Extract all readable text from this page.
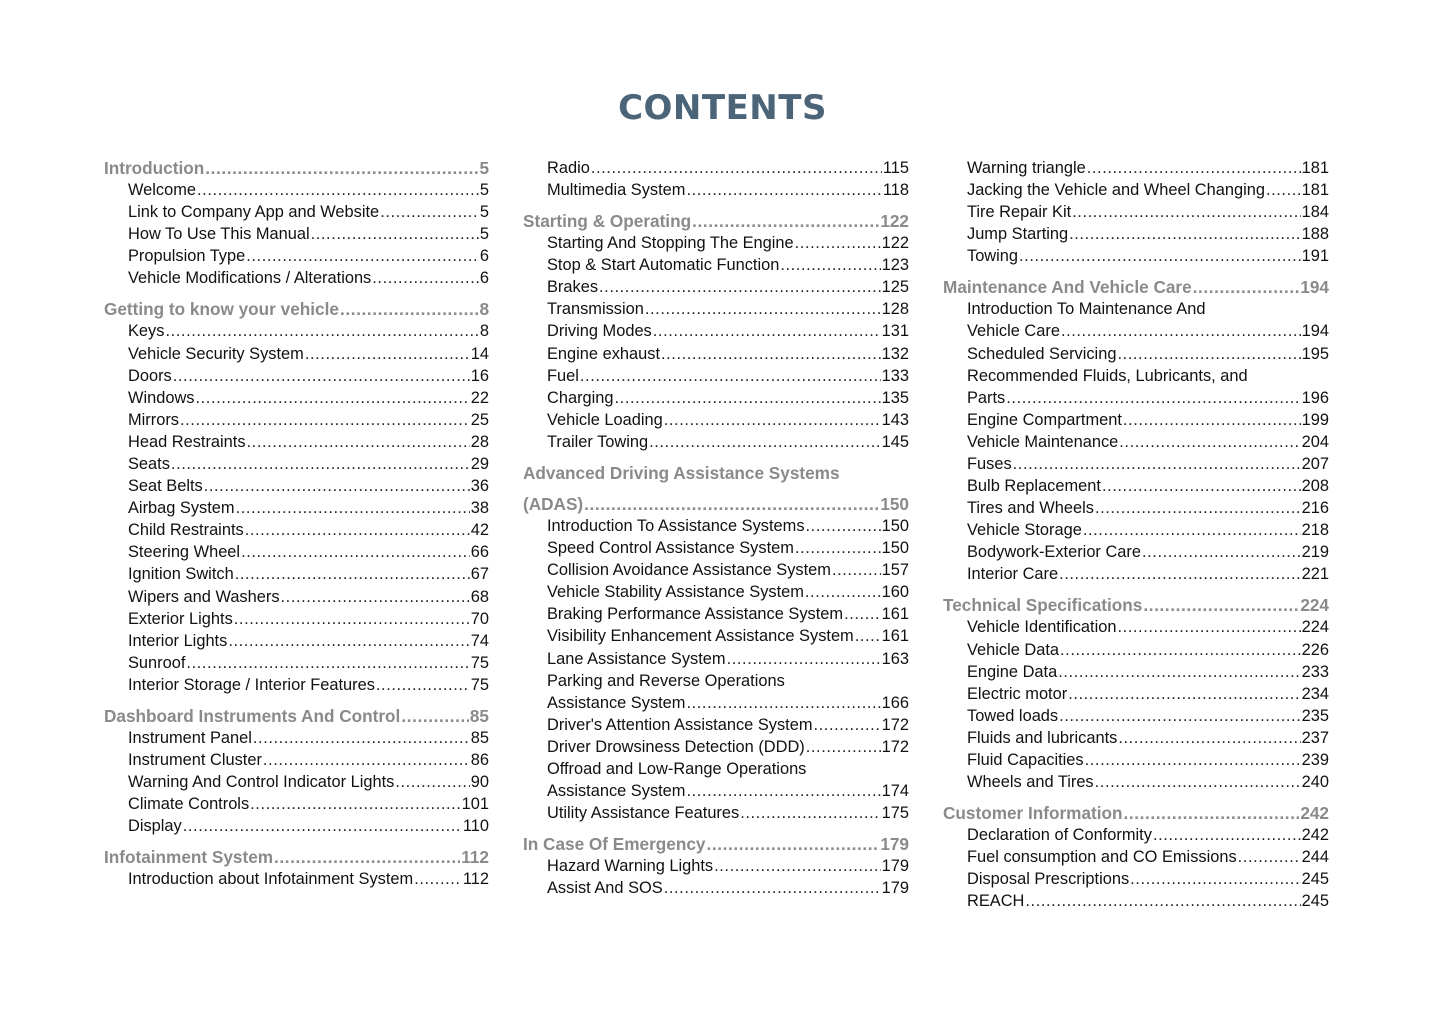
CONTENTS
Introduction .....	5
Welcome .....	5
Link to Company App and Website .....	5
How To Use This Manual .....	5
Propulsion Type .....	6
Vehicle Modifications / Alterations .....	6
Getting to know your vehicle .....	8
Keys .....	8
Vehicle Security System .....	14
Doors .....	16
Windows .....	22
Mirrors .....	25
Head Restraints .....	28
Seats .....	29
Seat Belts .....	36
Airbag System .....	38
Child Restraints .....	42
Steering Wheel .....	66
Ignition Switch .....	67
Wipers and Washers .....	68
Exterior Lights .....	70
Interior Lights .....	74
Sunroof .....	75
Interior Storage / Interior Features .....	75
Dashboard Instruments And Control .....	85
Instrument Panel .....	85
Instrument Cluster .....	86
Warning And Control Indicator Lights .....	90
Climate Controls .....	101
Display .....	110
Infotainment System .....	112
Introduction about Infotainment System .....	112
Radio .....	115
Multimedia System .....	118
Starting & Operating .....	122
Starting And Stopping The Engine .....	122
Stop & Start Automatic Function .....	123
Brakes .....	125
Transmission .....	128
Driving Modes .....	131
Engine exhaust .....	132
Fuel .....	133
Charging .....	135
Vehicle Loading .....	143
Trailer Towing .....	145
Advanced Driving Assistance Systems
(ADAS) .....	150
Introduction To Assistance Systems .....	150
Speed Control Assistance System .....	150
Collision Avoidance Assistance System .....	157
Vehicle Stability Assistance System .....	160
Braking Performance Assistance System ..... 161
Visibility Enhancement Assistance System ..... 161
Lane Assistance System .....	163
Parking and Reverse Operations
Assistance System .....	166
Driver's Attention Assistance System .....	172
Driver Drowsiness Detection (DDD) .....	172
Offroad and Low-Range Operations
Assistance System .....	174
Utility Assistance Features .....	175
In Case Of Emergency .....	179
Hazard Warning Lights .....	179
Assist And SOS .....	179
Warning triangle .....	181
Jacking the Vehicle and Wheel Changing ..... 181
Tire Repair Kit .....	184
Jump Starting .....	188
Towing .....	191
Maintenance And Vehicle Care .....	194
Introduction To Maintenance And
Vehicle Care .....	194
Scheduled Servicing .....	195
Recommended Fluids, Lubricants, and
Parts .....	196
Engine Compartment .....	199
Vehicle Maintenance .....	204
Fuses .....	207
Bulb Replacement .....	208
Tires and Wheels .....	216
Vehicle Storage .....	218
Bodywork-Exterior Care .....	219
Interior Care .....	221
Technical Specifications .....	224
Vehicle Identification .....	224
Vehicle Data .....	226
Engine Data .....	233
Electric motor .....	234
Towed loads .....	235
Fluids and lubricants .....	237
Fluid Capacities .....	239
Wheels and Tires .....	240
Customer Information .....	242
Declaration of Conformity .....	242
Fuel consumption and CO Emissions .....	244
Disposal Prescriptions .....	245
REACH .....	245
